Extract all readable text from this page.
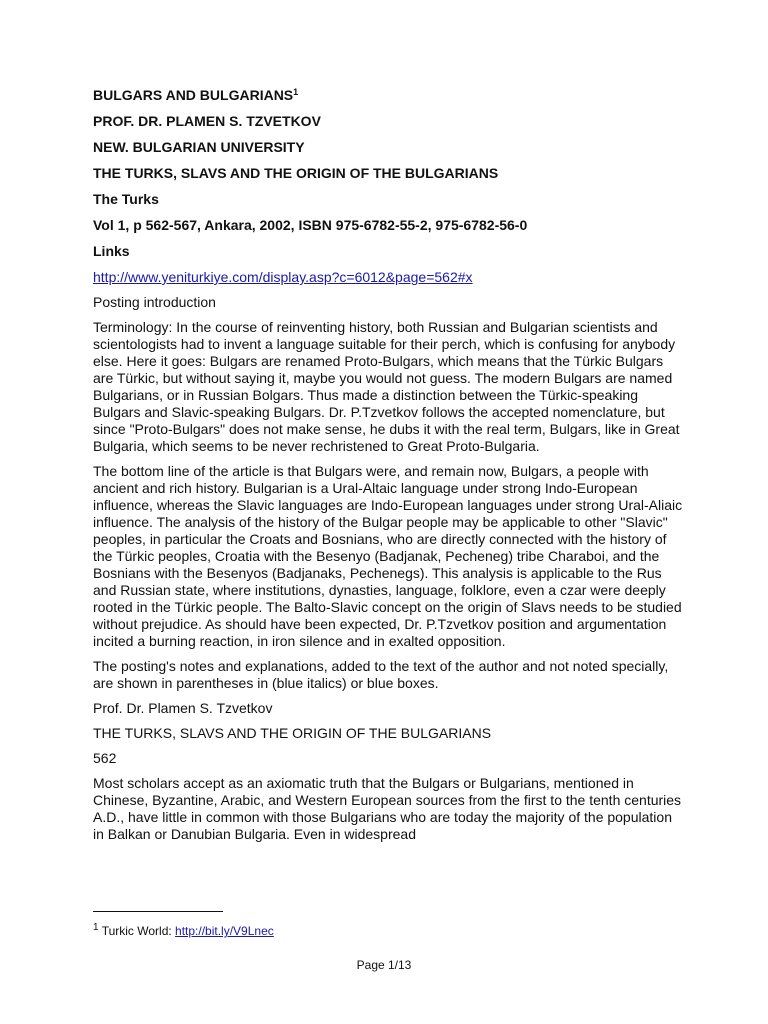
BULGARS AND BULGARIANS$^1$
PROF. DR. PLAMEN S. TZVETKOV
NEW. BULGARIAN UNIVERSITY
THE TURKS, SLAVS AND THE ORIGIN OF THE BULGARIANS
The Turks
Vol 1, p 562-567, Ankara, 2002, ISBN 975-6782-55-2, 975-6782-56-0
Links
http://www.yeniturkiye.com/display.asp?c=6012&page=562#x

Posting introduction

Terminology: In the course of reinventing history, both Russian and Bulgarian scientists and scientologists had to invent a language suitable for their perch, which is confusing for anybody else. Here it goes: Bulgars are renamed Proto-Bulgars, which means that the Türkic Bulgars are Türkic, but without saying it, maybe you would not guess. The modern Bulgars are named Bulgarians, or in Russian Bolgars. Thus made a distinction between the Türkic-speaking Bulgars and Slavic-speaking Bulgars. Dr. P.Tzvetkov follows the accepted nomenclature, but since "Proto-Bulgars" does not make sense, he dubs it with the real term, Bulgars, like in Great Bulgaria, which seems to be never rechristened to Great Proto-Bulgaria.

The bottom line of the article is that Bulgars were, and remain now, Bulgars, a people with ancient and rich history. Bulgarian is a Ural-Altaic language under strong Indo-European influence, whereas the Slavic languages are Indo-European languages under strong Ural-Aliaic influence. The analysis of the history of the Bulgar people may be applicable to other "Slavic" peoples, in particular the Croats and Bosnians, who are directly connected with the history of the Türkic peoples, Croatia with the Besenyo (Badjanak, Pecheneg) tribe Charaboi, and the Bosnians with the Besenyos (Badjanaks, Pechenegs). This analysis is applicable to the Rus and Russian state, where institutions, dynasties, language, folklore, even a czar were deeply rooted in the Türkic people. The Balto-Slavic concept on the origin of Slavs needs to be studied without prejudice. As should have been expected, Dr. P.Tzvetkov position and argumentation incited a burning reaction, in iron silence and in exalted opposition.

The posting's notes and explanations, added to the text of the author and not noted specially, are shown in parentheses in (blue italics) or blue boxes.

Prof. Dr. Plamen S. Tzvetkov

THE TURKS, SLAVS AND THE ORIGIN OF THE BULGARIANS

562

Most scholars accept as an axiomatic truth that the Bulgars or Bulgarians, mentioned in Chinese, Byzantine, Arabic, and Western European sources from the first to the tenth centuries A.D., have little in common with those Bulgarians who are today the majority of the population in Balkan or Danubian Bulgaria. Even in widespread

$^1$ Turkic World: http://bit.ly/V9Lnec
Page 1/13
